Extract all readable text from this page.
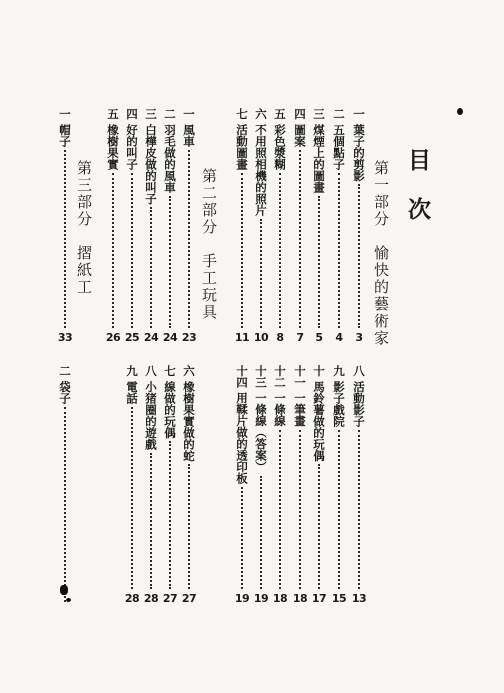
目
次
第一部分　愉快的藝術家
第二部分　手工玩具
第三部分　摺紙工
一
葉子的剪影
3
二
五個點子
4
三
煤煙上的圖畫
5
四
圖案
7
五
彩色漿糊
8
六
不用照相機的照片
10
七
活動圖畫
11
一
風車
23
二
羽毛做的風車
24
三
白樺皮做的叫子
24
四
好的叫子
25
五
橡樹果實
26
一
帽子
33
八
活動影子
13
九
影子戲院
15
十
馬鈴薯做的玩偶
17
十一
一筆畫
18
十二
一條線
18
十三
一條線（答案）
19
十四
用鞣片做的透印板
19
六
橡樹果實做的蛇
27
七
線做的玩偶
27
八
小猪圈的遊戲
28
九
電話
28
二
袋子
